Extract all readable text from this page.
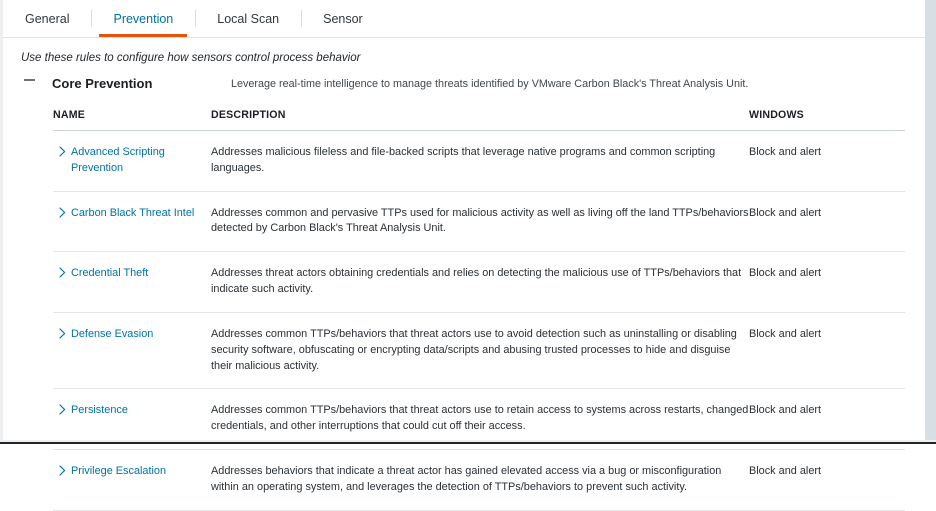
General	Prevention	Local Scan	Sensor
Use these rules to configure how sensors control process behavior
Core Prevention	Leverage real-time intelligence to manage threats identified by VMware Carbon Black's Threat Analysis Unit.
NAME	DESCRIPTION	WINDOWS

Advanced Scripting Prevention	Addresses malicious fileless and file-backed scripts that leverage native programs and common scripting languages.	Block and alert

Carbon Black Threat Intel	Addresses common and pervasive TTPs used for malicious activity as well as living off the land TTPs/behaviors detected by Carbon Black's Threat Analysis Unit.	Block and alert

Credential Theft	Addresses threat actors obtaining credentials and relies on detecting the malicious use of TTPs/behaviors that indicate such activity.	Block and alert

Defense Evasion	Addresses common TTPs/behaviors that threat actors use to avoid detection such as uninstalling or disabling security software, obfuscating or encrypting data/scripts and abusing trusted processes to hide and disguise their malicious activity.	Block and alert

Persistence	Addresses common TTPs/behaviors that threat actors use to retain access to systems across restarts, changed credentials, and other interruptions that could cut off their access.	Block and alert

Privilege Escalation	Addresses behaviors that indicate a threat actor has gained elevated access via a bug or misconfiguration within an operating system, and leverages the detection of TTPs/behaviors to prevent such activity.	Block and alert
